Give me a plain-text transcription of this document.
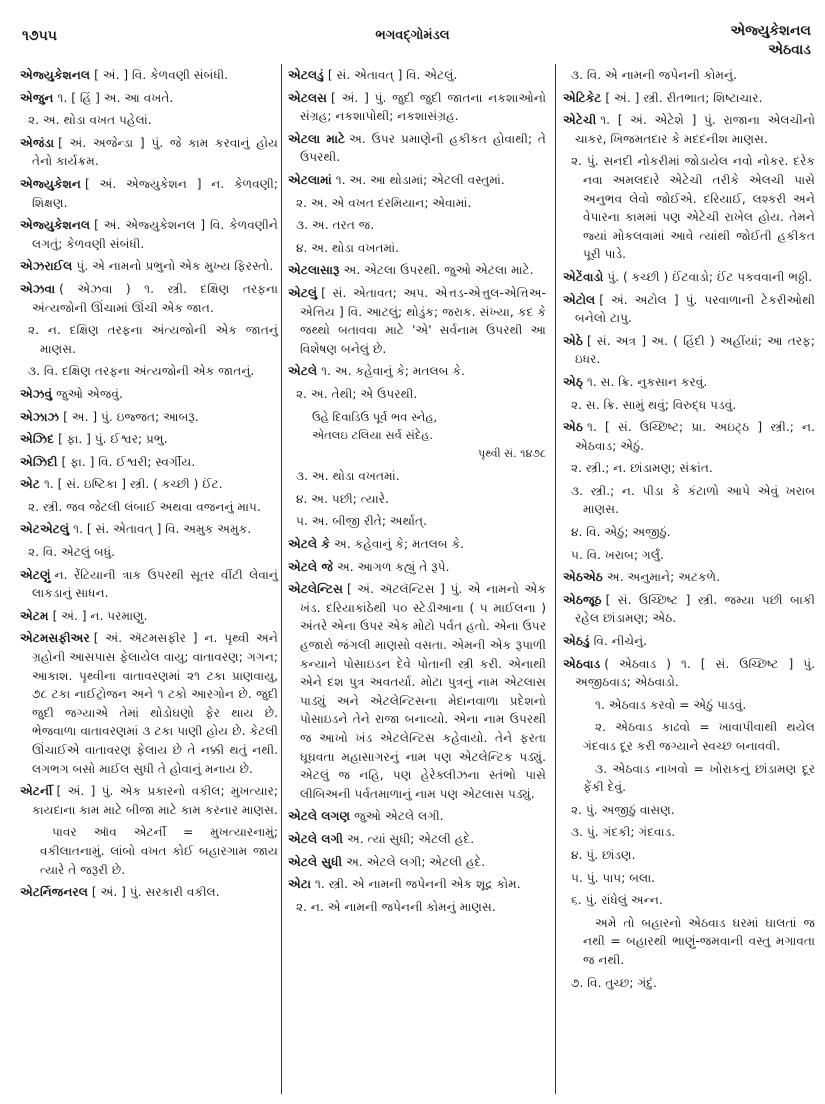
૧૭૫૫	ભગવદ્ગોમંડલ	એજ્યુકેશનલ
એઠવાડ

એજ્યુકેશનલ [ અં. ] વિ. કેળવણી સંબંધી.

એજુન ૧. [ હિં ] અ. આ વખતે.

૨. અ. થોડા વખત પહેલાં.

એજંડા [ અં. અજેન્ડા ] પું. જે કામ કરવાનું હોય તેનો કાર્યક્રમ.

એજ્યુકેશન [ અં. એજ્યુકેશન ] ન. કેળવણી; શિક્ષણ.

એજ્યુકેશનલ [ અં. એજ્યુકેશનલ ] વિ. કેળવણીને લગતું; કેળવણી સંબંધી.

એઝરાઈલ પું. એ નામનો પ્રભુનો એક મુખ્ય ફિરસ્તો.

એઝવા ( એઝવા ) ૧. સ્ત્રી. દક્ષિણ તરફના અંત્યજોની ઊંચામાં ઊંચી એક જાત.

૨. ન. દક્ષિણ તરફના અંત્યજોની એક જાતનું માણસ.

૩. વિ. દક્ષિણ તરફના અંત્યજોની એક જાતનું.

એઝવું જુઓ એજવું.

એઝાઝ [ અ. ] પું. ઇજ્જત; આબરૂ.

એઝિદ [ ફા. ] પું. ઈશ્વર; પ્રભુ.

એઝિદી [ ફા. ] વિ. ઈશ્વરી; સ્વર્ગીય.

એટ ૧. [ સં. ઇષ્ટિકા ] સ્ત્રી. ( કચ્છી ) ઈંટ.

૨. સ્ત્રી. જવ જેટલી લંબાઈ અથવા વજનનું માપ.

એટએટલું ૧. [ સં. એતાવત્ ] વિ. અમુક અમુક.

૨. વિ. એટલું બધું.

એટણું ન. રેંટિયાની ત્રાક ઉપરથી સૂતર વીંટી લેવાનું લાકડાનું સાધન.

એટમ [ અં. ] ન. પરમાણુ.

એટમસફીઅર [ અં. ઍટમસફીર ] ન. પૃથ્વી અને ગ્રહોની આસપાસ ફેલાયેલ વાયુ; વાતાવરણ; ગગન; આકાશ. પૃથ્વીના વાતાવરણમાં ૨૧ ટકા પ્રાણવાયુ, ૭૮ ટકા નાઈટ્રોજન અને ૧ ટકો આરગોન છે. જુદી જુદી જગ્યાએ તેમાં થોડોઘણો ફેર થાય છે. ભેજવાળા વાતાવરણમાં ૩ ટકા પાણી હોય છે. કેટલી ઊંચાઈએ વાતાવરણ ફેલાય છે તે નક્કી થતું નથી. લગભગ બસો માઈલ સુધી તે હોવાનું મનાય છે.

એટર્ની [ અં. ] પું. એક પ્રકારનો વકીલ; મુખત્યાર; કાયદાના કામ માટે બીજા માટે કામ કરનાર માણસ.

પાવર ઑવ એટર્ની = મુખત્યારનામું; વકીલાતનામું. લાંબો વખત કોઈ બહારગામ જાય ત્યારે તે જરૂરી છે.

એટર્નિજનરલ [ અં. ] પું. સરકારી વકીલ.

એટલડું [ સં. એતાવત્ ] વિ. એટલું.

એટલસ [ અં. ] પું. જુદી જુદી જાતના નકશાઓનો સંગ્રહ; નકશાપોથી; નકશાસંગ્રહ.

એટલા માટે અ. ઉપર પ્રમાણેની હકીકત હોવાથી; તે ઉપરથી.

એટલામાં ૧. અ. આ થોડામાં; એટલી વસ્તુમાં.

૨. અ. એ વખત દરમિયાન; એવામાં.

૩. અ. તરત જ.

૪. અ. થોડા વખતમાં.

એટલાસારૂ અ. એટલા ઉપરથી. જુઓ એટલા માટે.

એટલું [ સં. એતાવત; અપ. એત્તડ-એત્તુલ-એત્તિઅ-એત્તિય ] વિ. આટલું; થોડુંક; જરાક. સંખ્યા, કદ કે જથ્થો બતાવવા માટે 'એ' સર્વનામ ઉપરથી આ વિશેષણ બનેલું છે.

એટલે ૧. અ. કહેવાનું કે; મતલબ કે.

૨. અ. તેથી; એ ઉપરથી.

ઉહે દિવાડિઉ પૂર્વ ભવ સ્નેહ,

એતલઇ ટલિયા સર્વ સંદેહ.

પૃથ્વી સં. ૧૪૭૮

૩. અ. થોડા વખતમાં.

૪. અ. પછી; ત્યારે.

૫. અ. બીજી રીતે; અર્થાત્.

એટલે કે અ. કહેવાનું કે; મતલબ કે.

એટલે જે અ. આગળ કહ્યું તે રૂપે.

એટલેન્ટિસ [ અં. ઍટલૅન્ટિસ ] પું. એ નામનો એક ખંડ. દરિયાકાંઠેથી ૫૦ સ્ટેડીઆના ( ૫ માઈલના ) અંતરે એના ઉપર એક મોટો પર્વત હતો. એના ઉપર હજારો જંગલી માણસો વસતા. એમની એક રૂપાળી કન્યાને પોસાઇડન દેવે પોતાની સ્ત્રી કરી. એનાથી એને દશ પુત્ર અવતર્યા. મોટા પુત્રનું નામ એટલાસ પાડ્યું અને એટલેન્ટિસના મેદાનવાળા પ્રદેશનો પોસાઇડને તેને રાજા બનાવ્યો. એના નામ ઉપરથી જ આખો ખંડ એટલેન્ટિસ કહેવાયો. તેને ફરતા ઘૂઘવતા મહાસાગરનું નામ પણ એટલેન્ટિક પડ્યું. એટલું જ નહિ, પણ હેરેક્લીઝના સ્તંભો પાસે લીબિઅની પર્વતમાળાનું નામ પણ એટલાસ પડ્યું.

એટલે લગણ જુઓ એટલે લગી.

એટલે લગી અ. ત્યાં સુધી; એટલી હદે.

એટલે સુધી અ. એટલે લગી; એટલી હદે.

એટા ૧. સ્ત્રી. એ નામની જપેનની એક શૂદ્ર કોમ.

૨. ન. એ નામની જપેનની કોમનું માણસ.

૩. વિ. એ નામની જપેનની કોમનું.

એટિકેટ [ અં. ] સ્ત્રી. રીતભાત; શિષ્ટાચાર.

એટેચી ૧. [ અં. એટેશે ] પું. રાજાના એલચીનો ચાકર, ખિજમતદાર કે મદદનીશ માણસ.

૨. પું. સનદી નોકરીમાં જોડાયેલ નવો નોકર. દરેક નવા અમલદારે એટેચી તરીકે એલચી પાસે અનુભવ લેવો જોઈએ. દરિયાઈ, લશ્કરી અને વેપારના કામમાં પણ એટેચી રાખેલ હોય. તેમને જ્યાં મોકલવામાં આવે ત્યાંથી જોઈતી હકીકત પૂરી પાડે.

એટેંવાડો પું. ( કચ્છી ) ઈંટવાડો; ઈંટ પકવવાની ભઠ્ઠી.

એટોલ [ અં. અટોલ ] પું. પરવાળાની ટેકરીઓથી બનેલો ટાપુ.

એઠે [ સં. અત્ર ] અ. ( હિંદી ) અહીંયાં; આ તરફ; ઇધર.

એઠ્ ૧. સ. ક્રિ. નુકસાન કરવું.

૨. સ. ક્રિ. સામું થવું; વિરુદ્ધ પડવું.

એઠ ૧. [ સં. ઉચ્છિષ્ટ; પ્રા. અઇટ્ઠ ] સ્ત્રી.; ન. એઠવાડ; એઠું.

૨. સ્ત્રી.; ન. છાંડામણ; સંક્રાંત.

૩. સ્ત્રી.; ન. પીડા કે કંટાળો આપે એવું ખરાબ માણસ.

૪. વિ. એઠું; અજીઠું.

૫. વિ. ખરાબ; ગર્લું.

એઠએઠ અ. અનુમાને; અટકળે.

એઠજૂઠ [ સં. ઉચ્છિષ્ટ ] સ્ત્રી. જમ્યા પછી બાકી રહેલ છાંડામણ; એઠ.

એઠડું વિ. નીચેનું.

એઠવાડ ( એઠવાડ ) ૧. [ સં. ઉચ્છિષ્ટ ] પું. અજીઠવાડ; એઠવાડો.

૧. એઠવાડ કરવો = એઠું પાડવું.

૨. એઠવાડ કાઢવો = ખાવાપીવાથી થયેલ ગંદવાડ દૂર કરી જગ્યાને સ્વચ્છ બનાવવી.

૩. એઠવાડ નાખવો = ખોરાકનું છાંડામણ દૂર ફેંકી દેવું.

૨. પું. અજીઠું વાસણ.

૩. પું. ગંદકી; ગંદવાડ.

૪. પું. છાંડણ.

૫. પું. પાપ; બલા.

૬. પું. રાંધેલું અન્ન.

અમે તો બહારનો એઠવાડ ઘરમાં ઘાલતાં જ નથી = બહારથી ભાણું-જમવાની વસ્તુ મગાવતા જ નથી.

૭. વિ. તુચ્છ; ગંદું.
